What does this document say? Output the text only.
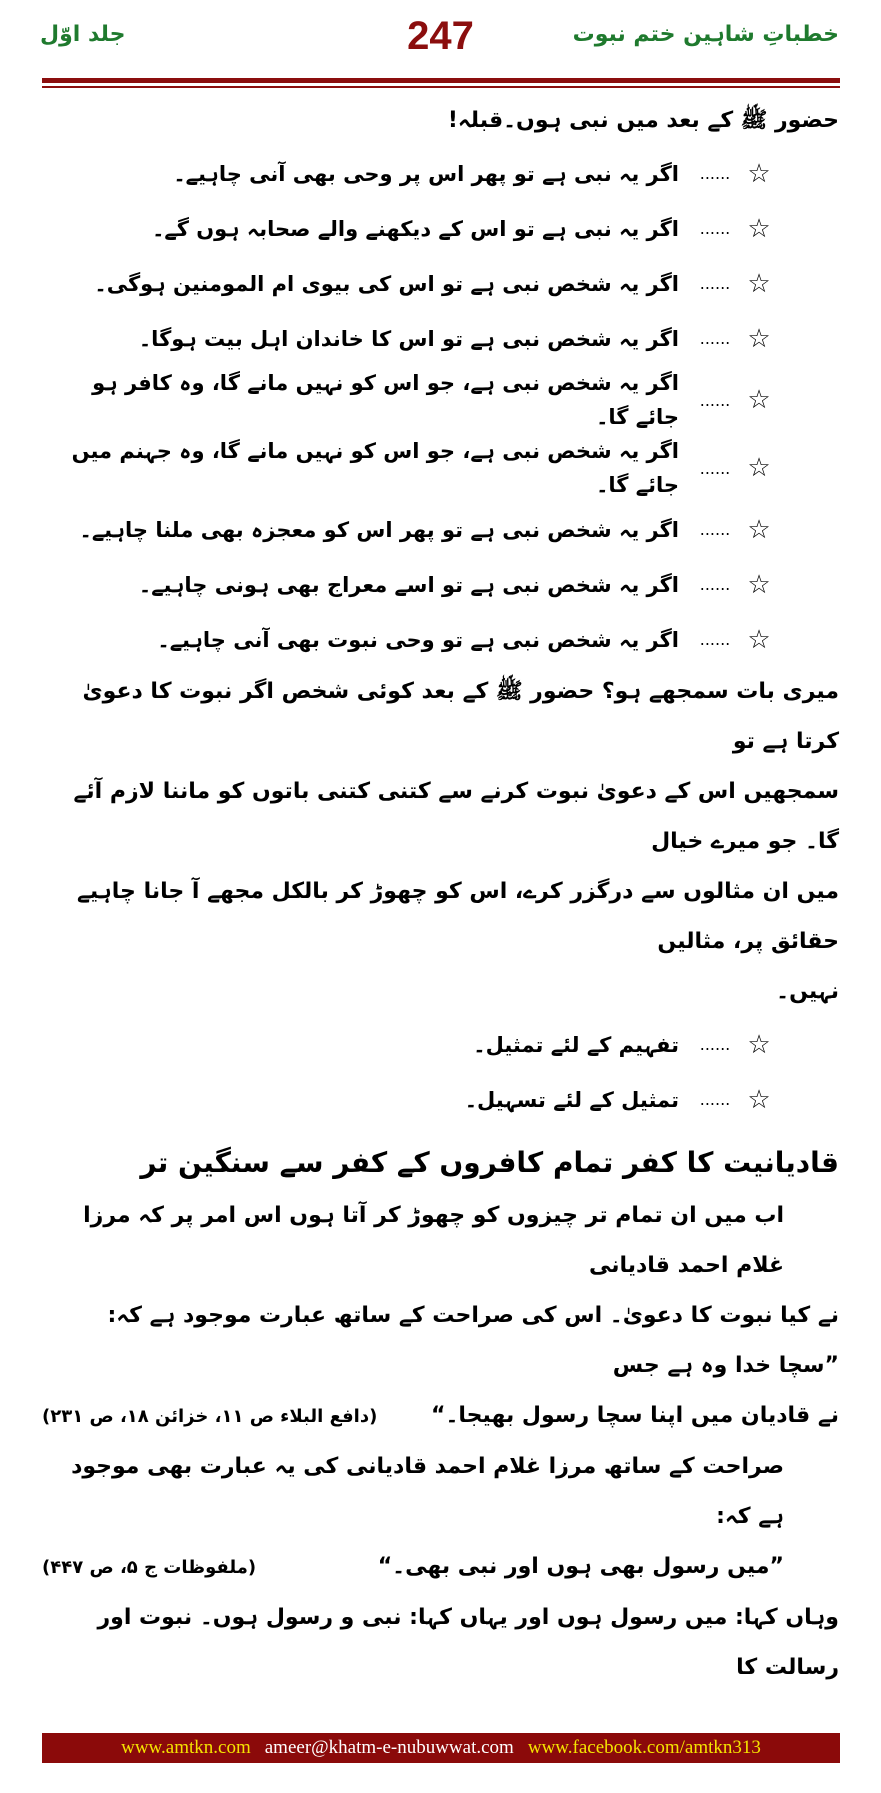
خطباتِ شاہین ختم نبوت
247
جلد اوّل

حضور ﷺ کے بعد میں نبی ہوں۔قبلہ!

اگر یہ نبی ہے تو پھر اس پر وحی بھی آنی چاہیے۔	...... ☆
اگر یہ نبی ہے تو اس کے دیکھنے والے صحابہ ہوں گے۔	...... ☆
اگر یہ شخص نبی ہے تو اس کی بیوی ام المومنین ہوگی۔	...... ☆
اگر یہ شخص نبی ہے تو اس کا خاندان اہل بیت ہوگا۔	...... ☆
اگر یہ شخص نبی ہے، جو اس کو نہیں مانے گا، وہ کافر ہو جائے گا۔
...... ☆
اگر یہ شخص نبی ہے، جو اس کو نہیں مانے گا، وہ جہنم میں جائے گا۔
...... ☆
اگر یہ شخص نبی ہے تو پھر اس کو معجزہ بھی ملنا چاہیے۔	...... ☆
اگر یہ شخص نبی ہے تو اسے معراج بھی ہونی چاہیے۔	...... ☆
اگر یہ شخص نبی ہے تو وحی نبوت بھی آنی چاہیے۔	...... ☆

میری بات سمجھے ہو؟ حضور ﷺ کے بعد کوئی شخص اگر نبوت کا دعویٰ کرتا ہے تو

سمجھیں اس کے دعویٰ نبوت کرنے سے کتنی کتنی باتوں کو ماننا لازم آئے گا۔ جو میرے خیال

میں ان مثالوں سے درگزر کرے، اس کو چھوڑ کر بالکل مجھے آ جانا چاہیے حقائق پر، مثالیں

نہیں۔

تفہیم کے لئے تمثیل۔	...... ☆
تمثیل کے لئے تسہیل۔	...... ☆
قادیانیت کا کفر تمام کافروں کے کفر سے سنگین تر

اب میں ان تمام تر چیزوں کو چھوڑ کر آتا ہوں اس امر پر کہ مرزا غلام احمد قادیانی

نے کیا نبوت کا دعویٰ۔ اس کی صراحت کے ساتھ عبارت موجود ہے کہ: ”سچا خدا وہ ہے جس

نے قادیان میں اپنا سچا رسول بھیجا۔“

(دافع البلاء ص ۱۱، خزائن ۱۸، ص ۲۳۱)

صراحت کے ساتھ مرزا غلام احمد قادیانی کی یہ عبارت بھی موجود ہے کہ:

”میں رسول بھی ہوں اور نبی بھی۔“

(ملفوظات ج ۵، ص ۴۴۷)

وہاں کہا: میں رسول ہوں اور یہاں کہا: نبی و رسول ہوں۔ نبوت اور رسالت کا

www.amtkn.com ameer@khatm-e-nubuwwat.com www.facebook.com/amtkn313
